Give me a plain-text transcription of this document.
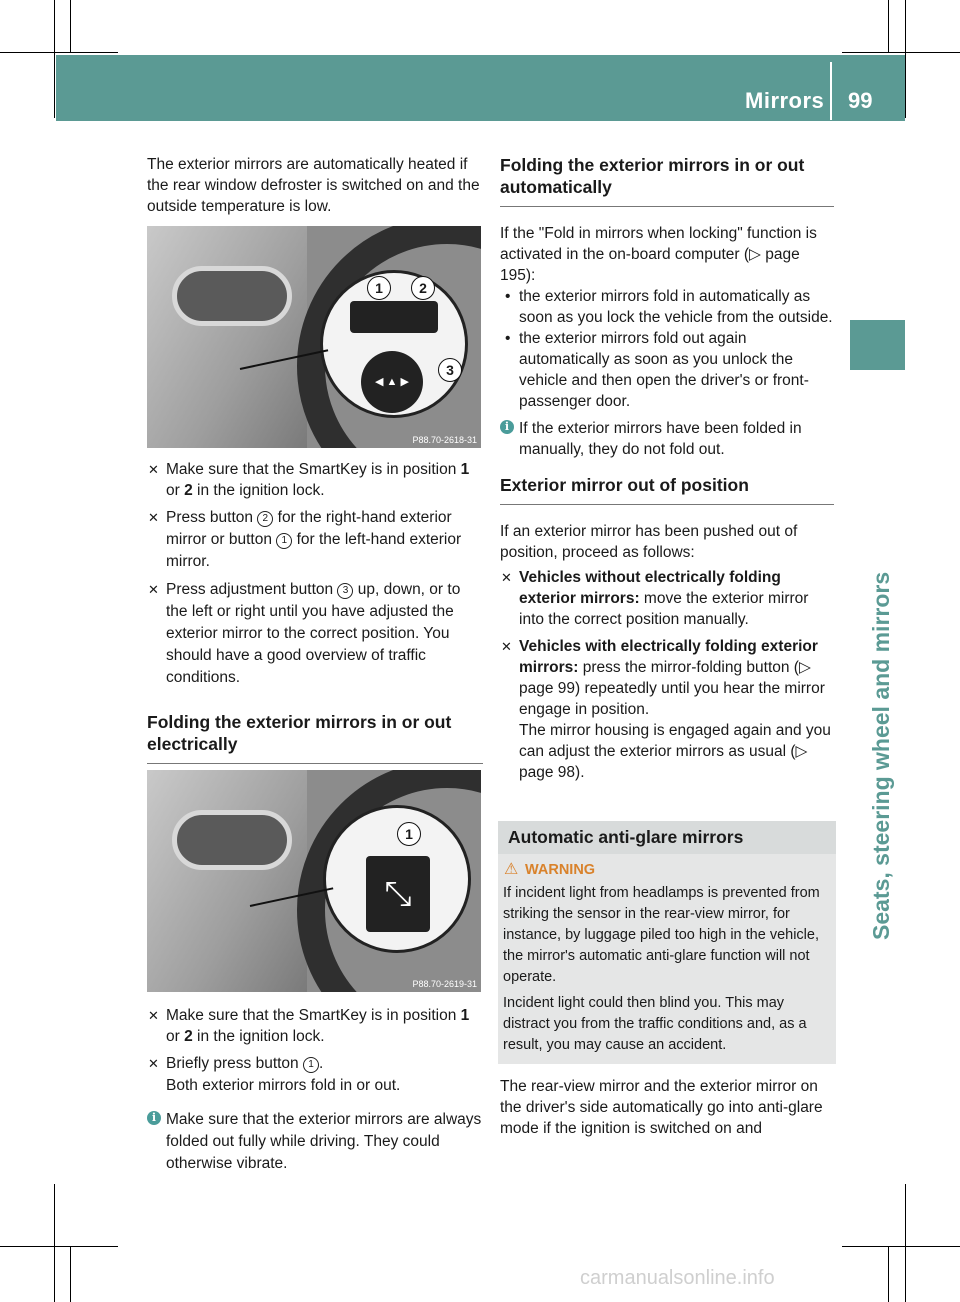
Mirrors 99
Seats, steering wheel and mirrors

The exterior mirrors are automatically heated if the rear window defroster is switched on and the outside temperature is low.

P88.70-2618-31
◀ ▲ ▶
1	2
3

✕ Make sure that the SmartKey is in position 1 or 2 in the ignition lock.

✕ Press button 2 for the right-hand exterior mirror or button 1 for the left-hand exterior mirror.

✕ Press adjustment button 3 up, down, or to the left or right until you have adjusted the exterior mirror to the correct position. You should have a good overview of traffic conditions.

Folding the exterior mirrors in or out electrically

P88.70-2619-31
⤡
1

✕ Make sure that the SmartKey is in position 1 or 2 in the ignition lock.

✕ Briefly press button 1 .
Both exterior mirrors fold in or out.

i Make sure that the exterior mirrors are always folded out fully while driving. They could otherwise vibrate.

Folding the exterior mirrors in or out automatically

If the "Fold in mirrors when locking" function is activated in the on-board computer (▷ page 195):

• the exterior mirrors fold in automatically as soon as you lock the vehicle from the outside.

• the exterior mirrors fold out again automatically as soon as you unlock the vehicle and then open the driver's or front-passenger door.

i If the exterior mirrors have been folded in manually, they do not fold out.

Exterior mirror out of position

If an exterior mirror has been pushed out of position, proceed as follows:

✕ Vehicles without electrically folding exterior mirrors: move the exterior mirror into the correct position manually.

✕ Vehicles with electrically folding exterior mirrors: press the mirror-folding button (▷ page 99) repeatedly until you hear the mirror engage in position.
The mirror housing is engaged again and you can adjust the exterior mirrors as usual (▷ page 98).

Automatic anti-glare mirrors
⚠ WARNING

If incident light from headlamps is prevented from striking the sensor in the rear-view mirror, for instance, by luggage piled too high in the vehicle, the mirror's automatic anti-glare function will not operate.

Incident light could then blind you. This may distract you from the traffic conditions and, as a result, you may cause an accident.

The rear-view mirror and the exterior mirror on the driver's side automatically go into anti-glare mode if the ignition is switched on and

carmanualsonline.info
